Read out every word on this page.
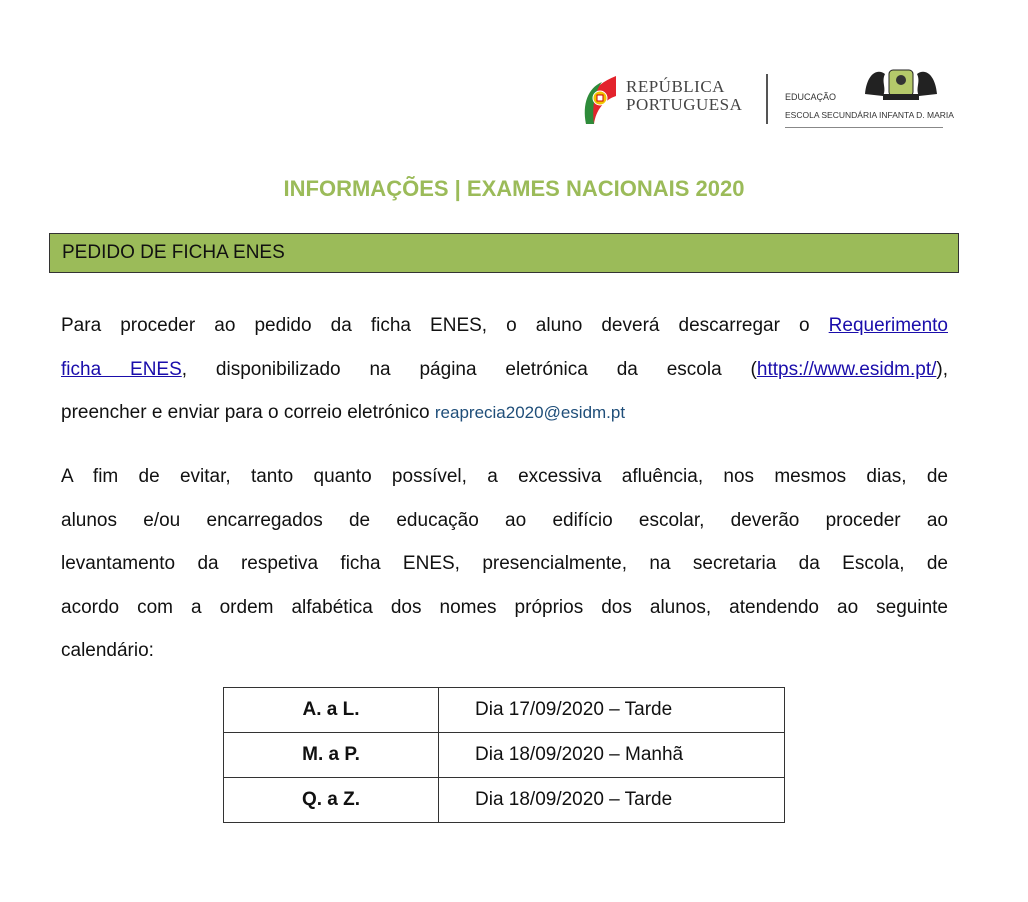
REPÚBLICA
PORTUGUESA	EDUCAÇÃO
ESCOLA SECUNDÁRIA INFANTA D. MARIA
INFORMAÇÕES | EXAMES NACIONAIS 2020
PEDIDO DE FICHA ENES
Para proceder ao pedido da ficha ENES, o aluno deverá descarregar o Requerimento
ficha ENES, disponibilizado na página eletrónica da escola (https://www.esidm.pt/),
preencher e enviar para o correio eletrónico reaprecia2020@esidm.pt
A fim de evitar, tanto quanto possível, a excessiva afluência, nos mesmos dias, de
alunos e/ou encarregados de educação ao edifício escolar, deverão proceder ao
levantamento da respetiva ficha ENES, presencialmente, na secretaria da Escola, de
acordo com a ordem alfabética dos nomes próprios dos alunos, atendendo ao seguinte
calendário:
A. a L.	Dia 17/09/2020 – Tarde
M. a P.	Dia 18/09/2020 – Manhã
Q. a Z.	Dia 18/09/2020 – Tarde
